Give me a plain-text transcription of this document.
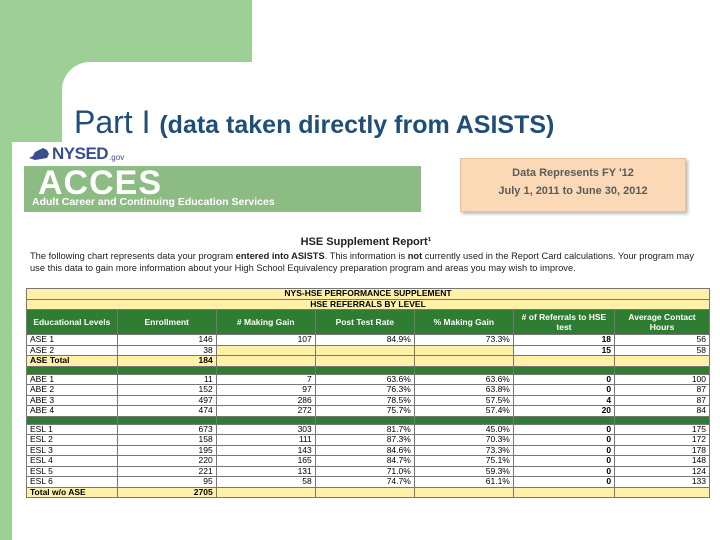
Part I (data taken directly from ASISTS)
NYSED .gov
ACCES
Adult Career and Continuing Education Services
Data Represents FY '12
July 1, 2011 to June 30, 2012
HSE Supplement Report¹
The following chart represents data your program entered into ASISTS. This information is not currently used in the Report Card calculations. Your program may use this data to gain more information about your High School Equivalency preparation program and areas you may wish to improve.
NYS-HSE PERFORMANCE SUPPLEMENT						
HSE REFERRALS BY LEVEL						
Educational Levels	Enrollment	# Making Gain	Post Test Rate	% Making Gain	# of Referrals to HSE test	Average Contact Hours
ASE 1	146	107	84.9%	73.3%	18	56
ASE 2	38				15	58
ASE Total	184					

ABE 1	11	7	63.6%	63.6%	0	100
ABE 2	152	97	76.3%	63.8%	0	87
ABE 3	497	286	78.5%	57.5%	4	87
ABE 4	474	272	75.7%	57.4%	20	84

ESL 1	673	303	81.7%	45.0%	0	175
ESL 2	158	111	87.3%	70.3%	0	172
ESL 3	195	143	84.6%	73.3%	0	178
ESL 4	220	165	84.7%	75.1%	0	148
ESL 5	221	131	71.0%	59.3%	0	124
ESL 6	95	58	74.7%	61.1%	0	133
Total w/o ASE	2705					
